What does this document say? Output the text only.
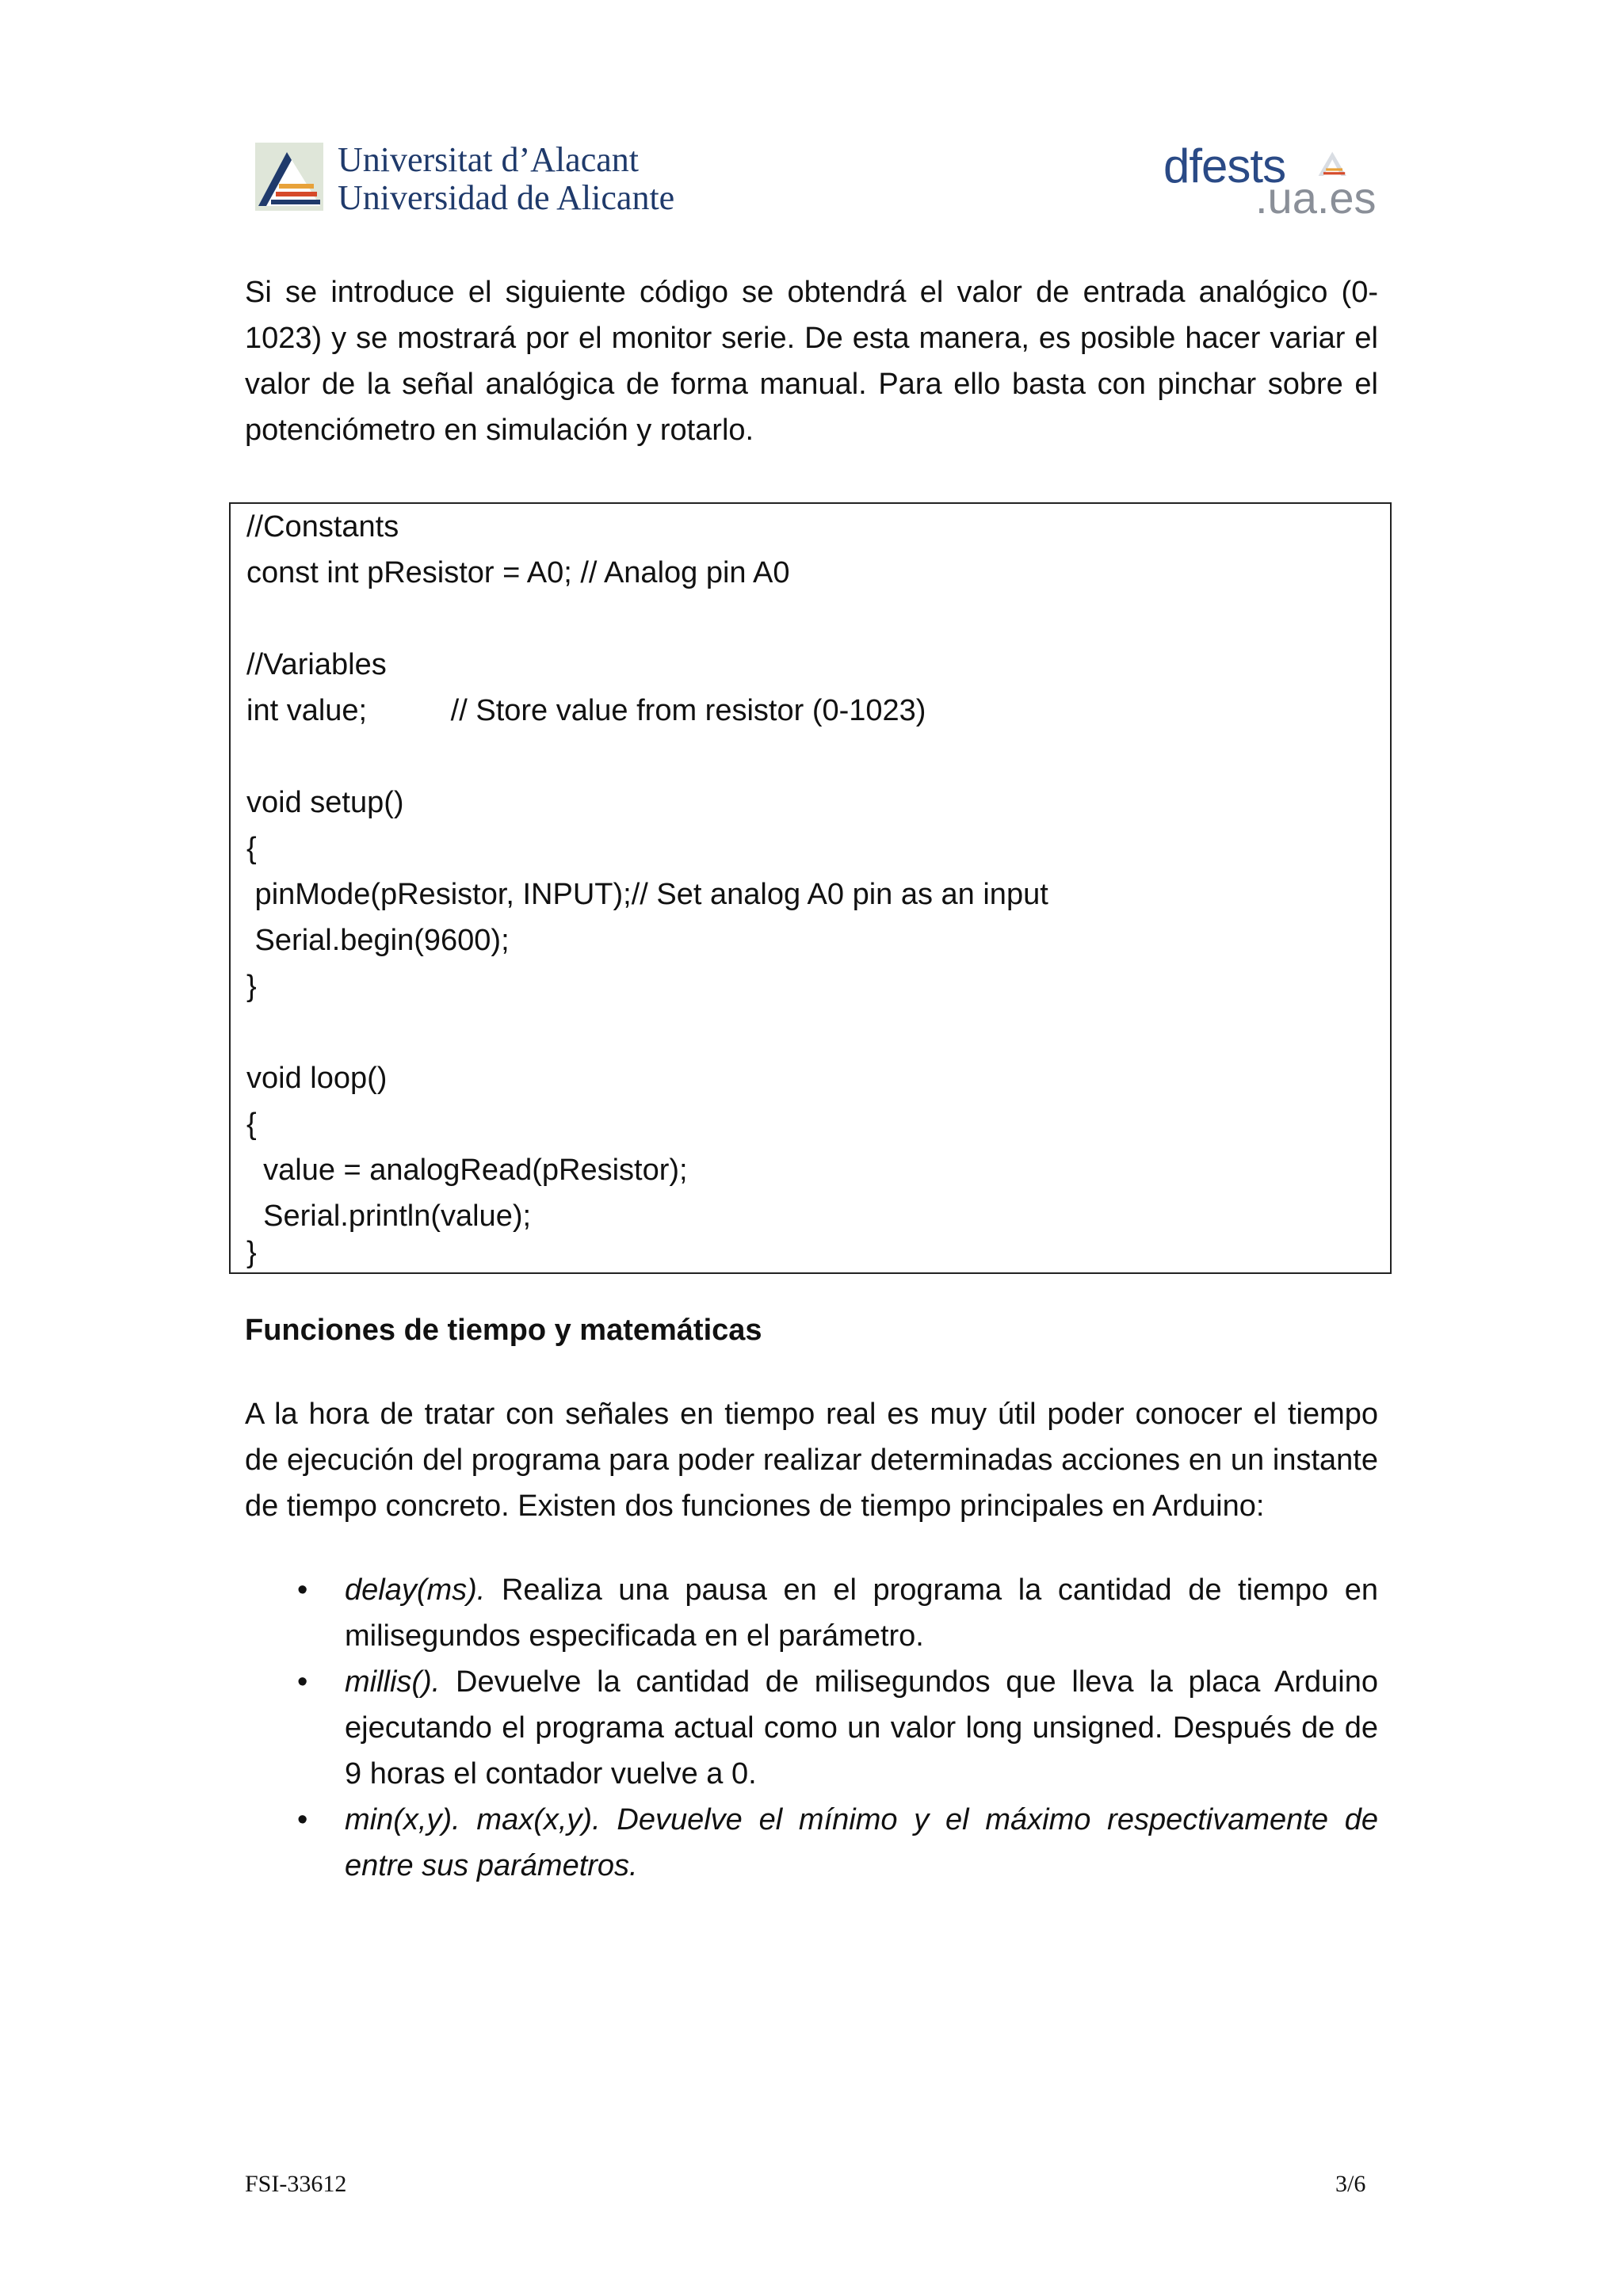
Universitat d’Alacant
Universidad de Alicante
dfests
.ua.es
Si se introduce el siguiente código se obtendrá el valor de entrada analógico (0-1023) y se mostrará por el monitor serie. De esta manera, es posible hacer variar el valor de la señal analógica de forma manual. Para ello basta con pinchar sobre el potenciómetro en simulación y rotarlo.
//Constants
const int pResistor = A0; // Analog pin A0
//Variables
int value;          // Store value from resistor (0-1023)
void setup()
{
pinMode(pResistor, INPUT);// Set analog A0 pin as an input
Serial.begin(9600);
}
void loop()
{
value = analogRead(pResistor);
Serial.println(value);
}
Funciones de tiempo y matemáticas
A la hora de tratar con señales en tiempo real es muy útil poder conocer el tiempo de ejecución del programa para poder realizar determinadas acciones en un instante de tiempo concreto. Existen dos funciones de tiempo principales en Arduino:
• delay(ms). Realiza una pausa en el programa la cantidad de tiempo en milisegundos especificada en el parámetro.
• millis(). Devuelve la cantidad de milisegundos que lleva la placa Arduino ejecutando el programa actual como un valor long unsigned. Después de de 9 horas el contador vuelve a 0.
• min(x,y). max(x,y). Devuelve el mínimo y el máximo respectivamente de entre sus parámetros.
FSI-33612	3/6
